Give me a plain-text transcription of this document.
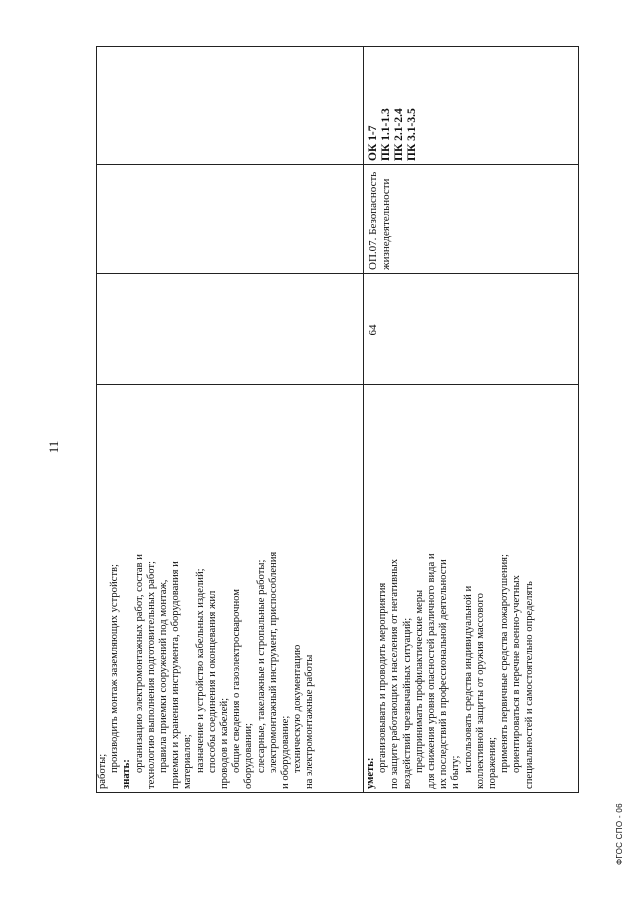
11

работы; производить монтаж заземляющих устройств;

знать:

организацию электромонтажных работ, состав и технологию выполнения подготовительных работ; правила приемки сооружений под монтаж, приемки и хранения инструмента, оборудования и материалов; назначение и устройство кабельных изделий; способы соединения и оконцевания жил проводов и кабелей; общие сведения о газоэлектросварочном оборудовании; слесарные, такелажные и стропальные работы; электромонтажный инструмент, приспособления и оборудование; техническую документацию на электромонтажные работы	уметь:

организовывать и проводить мероприятия по защите работающих и населения от негативных воздействий чрезвычайных ситуаций; предпринимать профилактические меры для снижения уровня опасностей различного вида и их последствий в профессиональной деятельности и быту; использовать средства индивидуальной и коллективной защиты от оружия массового поражения; применять первичные средства пожаротушения; ориентироваться в перечне военно-учетных специальностей и самостоятельно определять

64
ОП.07. Безопасность жизнедеятельности
ОК 1-7 ПК 1.1-1.3 ПК 2.1-2.4 ПК 3.1-3.5
ФГОС СПО - 06
